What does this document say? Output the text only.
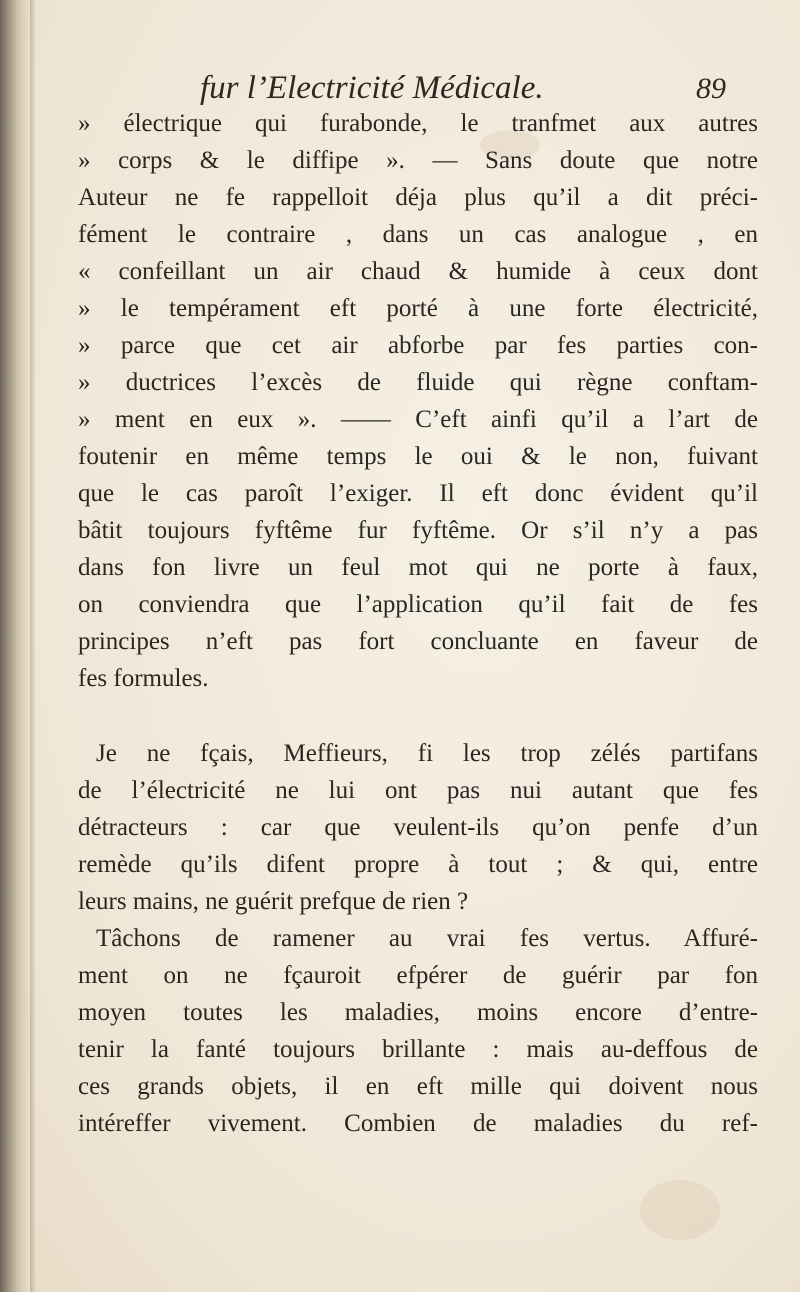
fur l’Electricité Médicale.	89
» électrique qui furabonde, le tranfmet aux autres
» corps & le diffipe ». — Sans doute que notre
Auteur ne fe rappelloit déja plus qu’il a dit préci-
fément le contraire , dans un cas analogue , en
« confeillant un air chaud & humide à ceux dont
» le tempérament eft porté à une forte électricité,
» parce que cet air abforbe par fes parties con-
» ductrices l’excès de fluide qui règne conftam-
» ment en eux ». —— C’eft ainfi qu’il a l’art de
foutenir en même temps le oui & le non, fuivant
que le cas paroît l’exiger. Il eft donc évident qu’il
bâtit toujours fyftême fur fyftême. Or s’il n’y a pas
dans fon livre un feul mot qui ne porte à faux,
on conviendra que l’application qu’il fait de fes
principes n’eft pas fort concluante en faveur de
fes formules.
Je ne fçais, Meffieurs, fi les trop zélés partifans
de l’électricité ne lui ont pas nui autant que fes
détracteurs : car que veulent-ils qu’on penfe d’un
remède qu’ils difent propre à tout ; & qui, entre
leurs mains, ne guérit prefque de rien ?
Tâchons de ramener au vrai fes vertus. Affuré-
ment on ne fçauroit efpérer de guérir par fon
moyen toutes les maladies, moins encore d’entre-
tenir la fanté toujours brillante : mais au-deffous de
ces grands objets, il en eft mille qui doivent nous
intéreffer vivement. Combien de maladies du ref-
